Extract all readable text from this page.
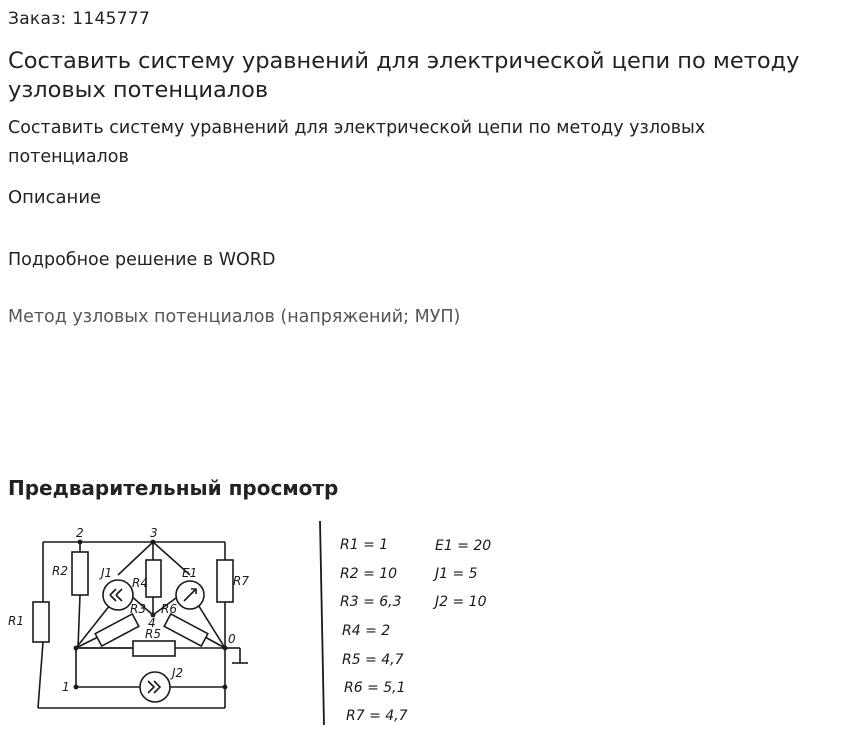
Заказ: 1145777
Составить систему уравнений для электрической цепи по методу узловых потенциалов
Составить систему уравнений для электрической цепи по методу узловых потенциалов
Описание
Подробное решение в WORD
Метод узловых потенциалов (напряжений; МУП)
Предварительный просмотр
2	3
4
0
1
R1
R2
R4	R7
R3 R6
R5
J1	E1
J2
R1 = 1
R2 = 10
R3 = 6,3
R4 = 2
R5 = 4,7
R6 = 5,1
R7 = 4,7
E1 = 20
J1 = 5
J2 = 10
